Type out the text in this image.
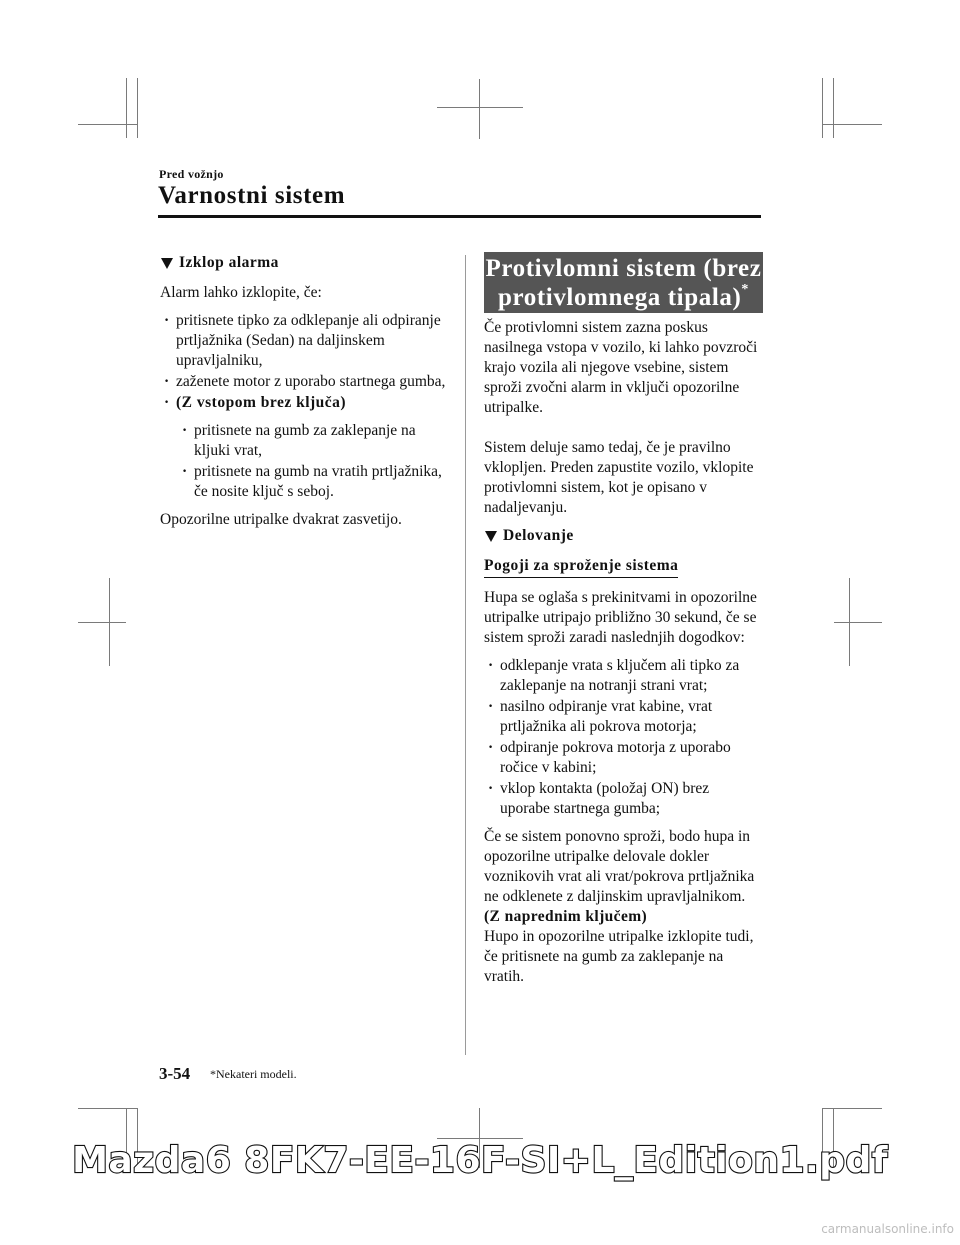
Pred vožnjo
Varnostni sistem
Izklop alarma

Alarm lahko izklopite, če:

· pritisnete tipko za odklepanje ali odpiranje prtljažnika (Sedan) na daljinskem upravljalniku,
· zaženete motor z uporabo startnega gumba,
· (Z vstopom brez ključa)
· pritisnete na gumb za zaklepanje na kljuki vrat,
· pritisnete na gumb na vratih prtljažnika, če nosite ključ s seboj.

Opozorilne utripalke dvakrat zasvetijo.

Protivlomni sistem (brez
protivlomnega tipala)*

Če protivlomni sistem zazna poskus nasilnega vstopa v vozilo, ki lahko povzroči krajo vozila ali njegove vsebine, sistem sproži zvočni alarm in vključi opozorilne utripalke.

Sistem deluje samo tedaj, če je pravilno vklopljen. Preden zapustite vozilo, vklopite protivlomni sistem, kot je opisano v nadaljevanju.

Delovanje
Pogoji za sproženje sistema

Hupa se oglaša s prekinitvami in opozorilne utripalke utripajo približno 30 sekund, če se sistem sproži zaradi naslednjih dogodkov:

· odklepanje vrata s ključem ali tipko za zaklepanje na notranji strani vrat;
· nasilno odpiranje vrat kabine, vrat prtljažnika ali pokrova motorja;
· odpiranje pokrova motorja z uporabo ročice v kabini;
· vklop kontakta (položaj ON) brez uporabe startnega gumba;

Če se sistem ponovno sproži, bodo hupa in opozorilne utripalke delovale dokler voznikovih vrat ali vrat/pokrova prtljažnika ne odklenete z daljinskim upravljalnikom.

(Z naprednim ključem)

Hupo in opozorilne utripalke izklopite tudi, če pritisnete na gumb za zaklepanje na vratih.

3-54 *Nekateri modeli.
Mazda6 8FK7-EE-16F-SI+L_Edition1.pdf
carmanualsonline.info
